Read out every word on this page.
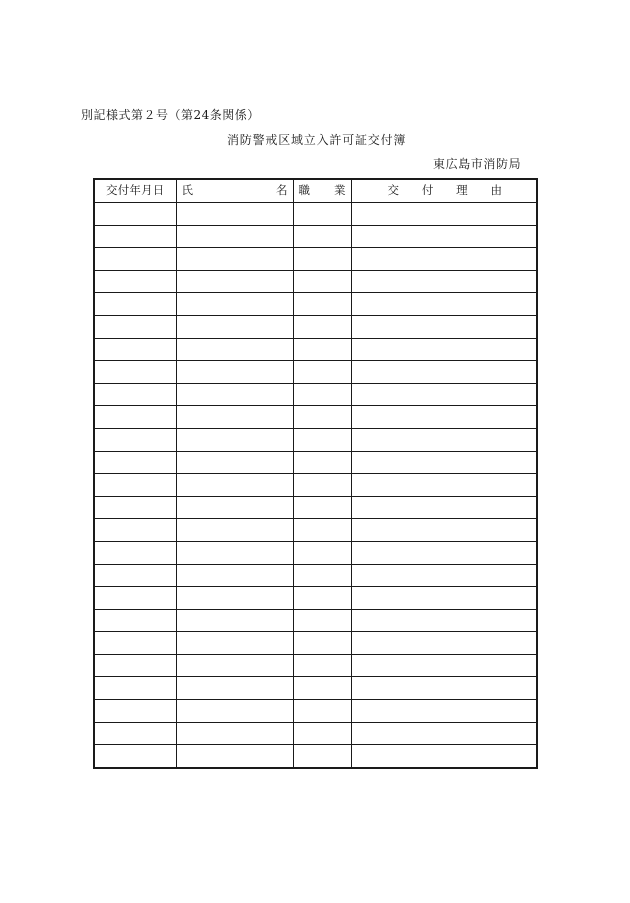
別記様式第２号（第24条関係）
消防警戒区域立入許可証交付簿
東広島市消防局
交付年月日	氏 名	職 業	交 付 理 由
